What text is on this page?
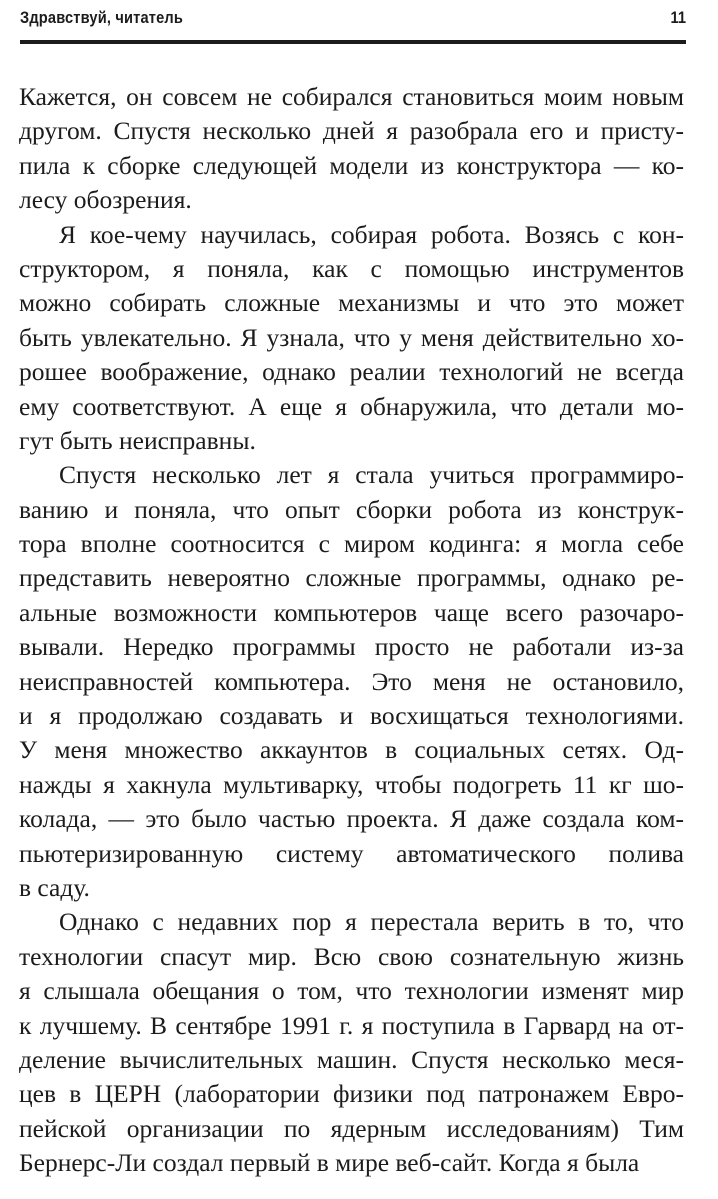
Здравствуй, читатель	11
Кажется, он совсем не собирался становиться моим новым
другом. Спустя несколько дней я разобрала его и присту-
пила к сборке следующей модели из конструктора — ко-
лесу обозрения.
Я кое-чему научилась, собирая робота. Возясь с кон-
структором, я поняла, как с помощью инструментов
можно собирать сложные механизмы и что это может
быть увлекательно. Я узнала, что у меня действительно хо-
рошее воображение, однако реалии технологий не всегда
ему соответствуют. А еще я обнаружила, что детали мо-
гут быть неисправны.
Спустя несколько лет я стала учиться программиро-
ванию и поняла, что опыт сборки робота из конструк-
тора вполне соотносится с миром кодинга: я могла себе
представить невероятно сложные программы, однако ре-
альные возможности компьютеров чаще всего разочаро-
вывали. Нередко программы просто не работали из-за
неисправностей компьютера. Это меня не остановило,
и я продолжаю создавать и восхищаться технологиями.
У меня множество аккаунтов в социальных сетях. Од-
нажды я хакнула мультиварку, чтобы подогреть 11 кг шо-
колада, — это было частью проекта. Я даже создала ком-
пьютеризированную систему автоматического полива
в саду.
Однако с недавних пор я перестала верить в то, что
технологии спасут мир. Всю свою сознательную жизнь
я слышала обещания о том, что технологии изменят мир
к лучшему. В сентябре 1991 г. я поступила в Гарвард на от-
деление вычислительных машин. Спустя несколько меся-
цев в ЦЕРН (лаборатории физики под патронажем Евро-
пейской организации по ядерным исследованиям) Тим
Бернерс-Ли создал первый в мире веб-сайт. Когда я была
